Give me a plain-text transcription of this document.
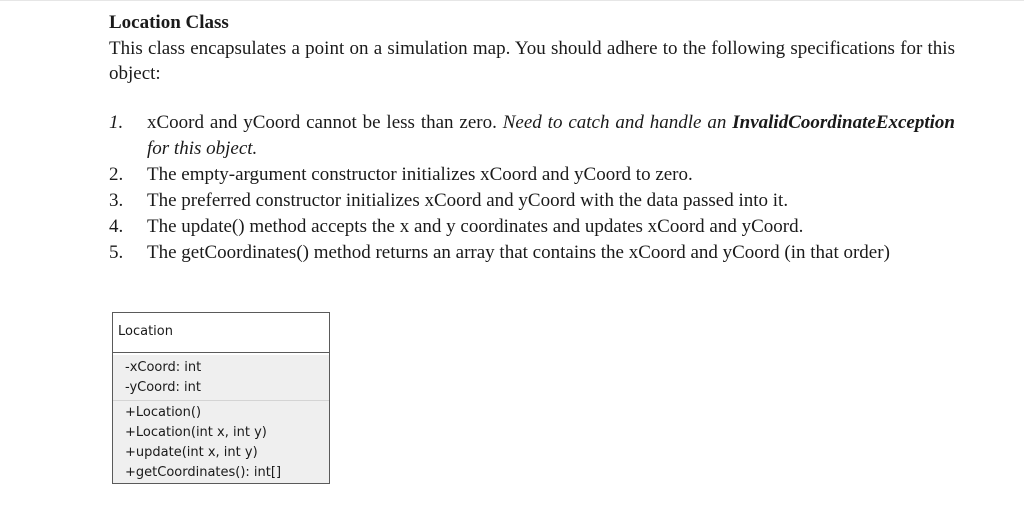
Location Class

This class encapsulates a point on a simulation map. You should adhere to the following specifications for this object:

1. xCoord and yCoord cannot be less than zero. Need to catch and handle an InvalidCoordinateException for this object.
2. The empty-argument constructor initializes xCoord and yCoord to zero.
3. The preferred constructor initializes xCoord and yCoord with the data passed into it.
4. The update() method accepts the x and y coordinates and updates xCoord and yCoord.
5. The getCoordinates() method returns an array that contains the xCoord and yCoord (in that order)
Location
-xCoord: int
-yCoord: int
+Location()
+Location(int x, int y)
+update(int x, int y)
+getCoordinates(): int[]
